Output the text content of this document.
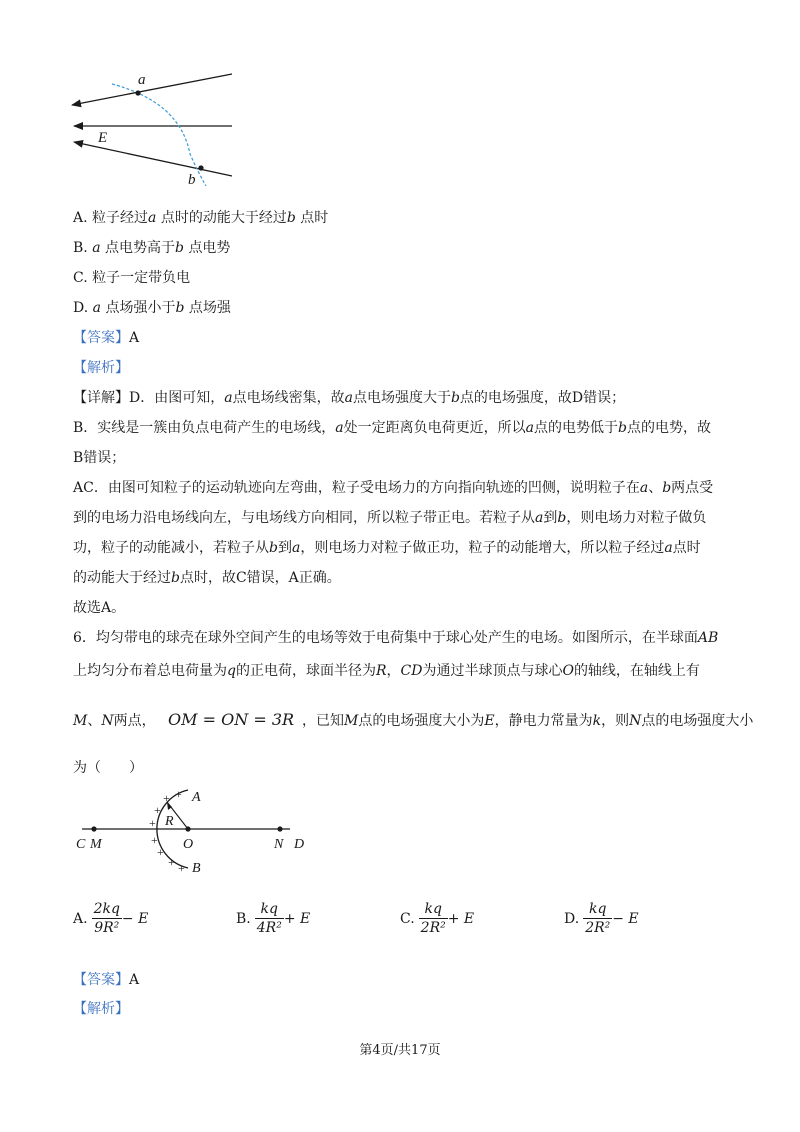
a
E
b
A. 粒子经过a 点时的动能大于经过b 点时
B. a 点电势高于b 点电势
C. 粒子一定带负电
D. a 点场强小于b 点场强
【答案】A
【解析】
【详解】D．由图可知，a点电场线密集，故a点电场强度大于b点的电场强度，故D错误；
B．实线是一簇由负点电荷产生的电场线，a处一定距离负电荷更近，所以a点的电势低于b点的电势，故
B错误；
AC．由图可知粒子的运动轨迹向左弯曲，粒子受电场力的方向指向轨迹的凹侧，说明粒子在a、b两点受
到的电场力沿电场线向左，与电场线方向相同，所以粒子带正电。若粒子从a到b，则电场力对粒子做负
功，粒子的动能减小，若粒子从b到a，则电场力对粒子做正功，粒子的动能增大，所以粒子经过a点时
的动能大于经过b点时，故C错误，A正确。
故选A。
6．均匀带电的球壳在球外空间产生的电场等效于电荷集中于球心处产生的电场。如图所示，在半球面AB
上均匀分布着总电荷量为q的正电荷，球面半径为R，CD为通过半球顶点与球心O的轴线，在轴线上有
M、N两点， OM = ON = 3R ，已知M点的电场强度大小为E，静电力常量为k，则N点的电场强度大小
为（　　）
A
B
R
C M	O	N D
+
+
+
+
+
+
+ +
A. $\frac{2kq}{\text{9R²}} - E$	B. $\frac{kq}{\text{4R²}} + E$	C. $\frac{kq}{\text{2R²}} + E$	D. $\frac{kq}{\text{2R²}} - E$
【答案】A
【解析】
第4页/共17页
